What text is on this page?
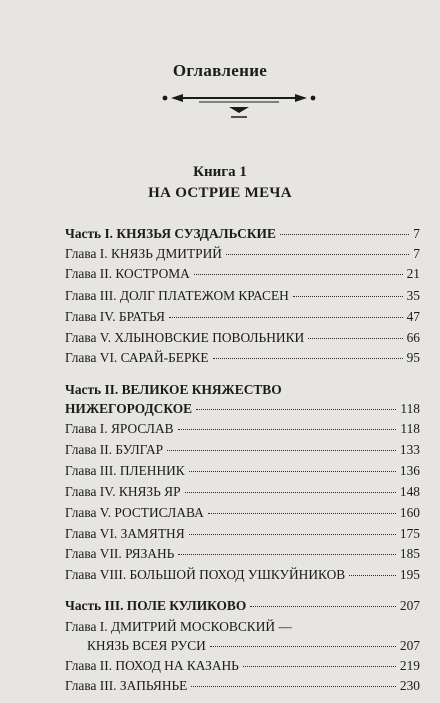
Оглавление
Книга 1
НА ОСТРИЕ МЕЧА
Часть I. КНЯЗЬЯ СУЗДАЛЬСКИЕ	7
Глава I. КНЯЗЬ ДМИТРИЙ	7
Глава II. КОСТРОМА	21
Глава III. ДОЛГ ПЛАТЕЖОМ КРАСЕН	35
Глава IV. БРАТЬЯ	47
Глава V. ХЛЫНОВСКИЕ ПОВОЛЬНИКИ	66
Глава VI. САРАЙ-БЕРКЕ	95
Часть II. ВЕЛИКОЕ КНЯЖЕСТВО
НИЖЕГОРОДСКОЕ	118
Глава I. ЯРОСЛАВ	118
Глава II. БУЛГАР	133
Глава III. ПЛЕННИК	136
Глава IV. КНЯЗЬ ЯР	148
Глава V. РОСТИСЛАВА	160
Глава VI. ЗАМЯТНЯ	175
Глава VII. РЯЗАНЬ	185
Глава VIII. БОЛЬШОЙ ПОХОД УШКУЙНИКОВ	195
Часть III. ПОЛЕ КУЛИКОВО	207
Глава I. ДМИТРИЙ МОСКОВСКИЙ —
КНЯЗЬ ВСЕЯ РУСИ	207
Глава II. ПОХОД НА КАЗАНЬ	219
Глава III. ЗАПЬЯНЬЕ	230
